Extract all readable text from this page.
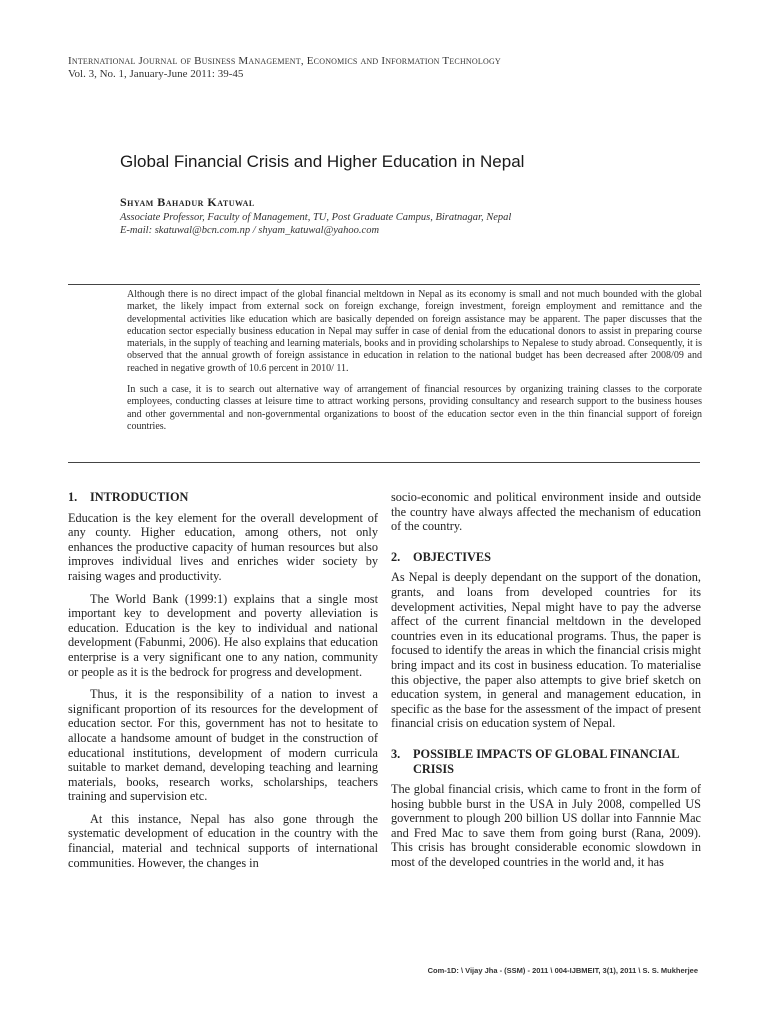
International Journal of Business Management, Economics and Information Technology
Vol. 3, No. 1, January-June 2011: 39-45
Global Financial Crisis and Higher Education in Nepal
Shyam Bahadur Katuwal
Associate Professor, Faculty of Management, TU, Post Graduate Campus, Biratnagar, Nepal
E-mail: skatuwal@bcn.com.np / shyam_katuwal@yahoo.com

Although there is no direct impact of the global financial meltdown in Nepal as its economy is small and not much bounded with the global market, the likely impact from external sock on foreign exchange, foreign investment, foreign employment and remittance and the developmental activities like education which are basically depended on foreign assistance may be apparent. The paper discusses that the education sector especially business education in Nepal may suffer in case of denial from the educational donors to assist in preparing course materials, in the supply of teaching and learning materials, books and in providing scholarships to Nepalese to study abroad. Consequently, it is observed that the annual growth of foreign assistance in education in relation to the national budget has been decreased after 2008/09 and reached in negative growth of 10.6 percent in 2010/ 11.

In such a case, it is to search out alternative way of arrangement of financial resources by organizing training classes to the corporate employees, conducting classes at leisure time to attract working persons, providing consultancy and research support to the business houses and other governmental and non-governmental organizations to boost of the education sector even in the thin financial support of foreign countries.

1. INTRODUCTION

Education is the key element for the overall development of any county. Higher education, among others, not only enhances the productive capacity of human resources but also improves individual lives and enriches wider society by raising wages and productivity.

The World Bank (1999:1) explains that a single most important key to development and poverty alleviation is education. Education is the key to individual and national development (Fabunmi, 2006). He also explains that education enterprise is a very significant one to any nation, community or people as it is the bedrock for progress and development.

Thus, it is the responsibility of a nation to invest a significant proportion of its resources for the development of education sector. For this, government has not to hesitate to allocate a handsome amount of budget in the construction of educational institutions, development of modern curricula suitable to market demand, developing teaching and learning materials, books, research works, scholarships, teachers training and supervision etc.

At this instance, Nepal has also gone through the systematic development of education in the country with the financial, material and technical supports of international communities. However, the changes in

socio-economic and political environment inside and outside the country have always affected the mechanism of education of the country.

2. OBJECTIVES

As Nepal is deeply dependant on the support of the donation, grants, and loans from developed countries for its development activities, Nepal might have to pay the adverse affect of the current financial meltdown in the developed countries even in its educational programs. Thus, the paper is focused to identify the areas in which the financial crisis might bring impact and its cost in business education. To materialise this objective, the paper also attempts to give brief sketch on education system, in general and management education, in specific as the base for the assessment of the impact of present financial crisis on education system of Nepal.

3. POSSIBLE IMPACTS OF GLOBAL FINANCIAL CRISIS

The global financial crisis, which came to front in the form of hosing bubble burst in the USA in July 2008, compelled US government to plough 200 billion US dollar into Fannnie Mac and Fred Mac to save them from going burst (Rana, 2009). This crisis has brought considerable economic slowdown in most of the developed countries in the world and, it has

Com-1D: \ Vijay Jha - (SSM) - 2011 \ 004-IJBMEIT, 3(1), 2011 \ S. S. Mukherjee
